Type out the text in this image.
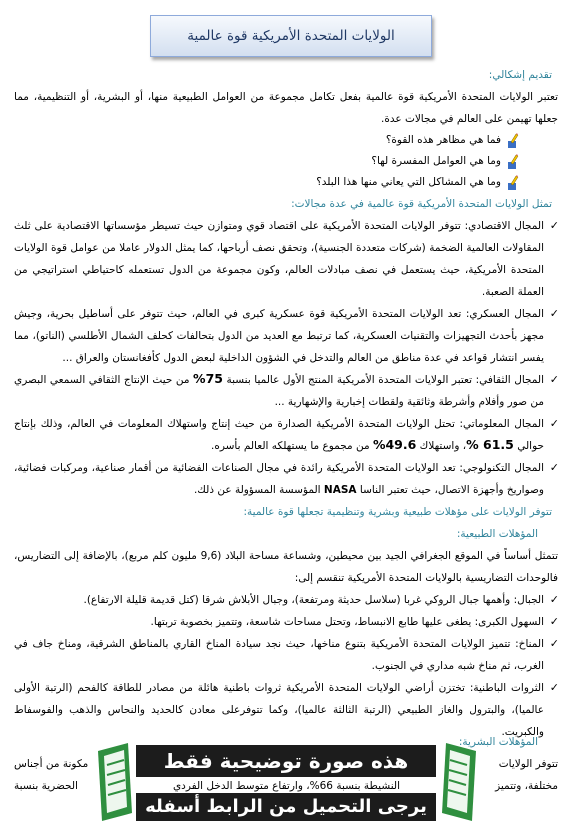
الولايات المتحدة الأمريكية قوة عالمية
تقديم إشكالي:

تعتبر الولايات المتحدة الأمريكية قوة عالمية بفعل تكامل مجموعة من العوامل الطبيعية منها، أو البشرية، أو التنظيمية، مما جعلها تهيمن على العالم في مجالات عدة.

فما هي مظاهر هذه القوة؟
وما هي العوامل المفسرة لها؟
وما هي المشاكل التي يعاني منها هذا البلد؟
تمثل الولايات المتحدة الأمريكية قوة عالمية في عدة مجالات:
✓
المجال الاقتصادي: تتوفر الولايات المتحدة الأمريكية على اقتصاد قوي ومتوازن حيث تسيطر مؤسساتها الاقتصادية على ثلث المقاولات العالمية الضخمة (شركات متعددة الجنسية)، وتحقق نصف أرباحها، كما يمثل الدولار عاملا من عوامل قوة الولايات المتحدة الأمريكية، حيث يستعمل في نصف مبادلات العالم، وكون مجموعة من الدول تستعمله كاحتياطي استراتيجي من العملة الصعبة.
✓
المجال العسكري: تعد الولايات المتحدة الأمريكية قوة عسكرية كبرى في العالم، حيث تتوفر على أساطيل بحرية، وجيش مجهز بأحدث التجهيزات والتقنيات العسكرية، كما ترتبط مع العديد من الدول بتحالفات كحلف الشمال الأطلسي (الناتو)، مما يفسر انتشار قواعد في عدة مناطق من العالم والتدخل في الشؤون الداخلية لبعض الدول كأفغانستان والعراق ...
✓
المجال الثقافي: تعتبر الولايات المتحدة الأمريكية المنتج الأول عالميا بنسبة 75% من حيث الإنتاج الثقافي السمعي البصري من صور وأفلام وأشرطة وثائقية ولقطات إخبارية والإشهارية ...
✓
المجال المعلوماتي: تحتل الولايات المتحدة الأمريكية الصدارة من حيث إنتاج واستهلاك المعلومات في العالم، وذلك بإنتاج حوالي 61.5 %، واستهلاك 49.6% من مجموع ما يستهلكه العالم بأسره.
✓
المجال التكنولوجي: تعد الولايات المتحدة الأمريكية رائدة في مجال الصناعات الفضائية من أقمار صناعية، ومركبات فضائية، وصواريخ وأجهزة الاتصال، حيث تعتبر الناسا NASA المؤسسة المسؤولة عن ذلك.
تتوفر الولايات على مؤهلات طبيعية وبشرية وتنظيمية تجعلها قوة عالمية:
المؤهلات الطبيعية:

تتمثل أساساً في الموقع الجغرافي الجيد بين محيطين، وشساعة مساحة البلاد (9,6 مليون كلم مربع)، بالإضافة إلى التضاريس، فالوحدات التضاريسية بالولايات المتحدة الأمريكية تنقسم إلى:

✓
الجبال: وأهمها جبال الروكي غربا (سلاسل حديثة ومرتفعة)، وجبال الأبلاش شرقا (كتل قديمة قليلة الارتفاع).
✓
السهول الكبرى: يطغى عليها طابع الانبساط، وتحتل مساحات شاسعة، وتتميز بخصوبة تربتها.
✓
المناخ: تتميز الولايات المتحدة الأمريكية بتنوع مناخها، حيث نجد سيادة المناخ القاري بالمناطق الشرقية، ومناخ جاف في الغرب، ثم مناخ شبه مداري في الجنوب.
✓
الثروات الباطنية: تختزن أراضي الولايات المتحدة الأمريكية ثروات باطنية هائلة من مصادر للطاقة كالفحم (الرتبة الأولى عالميا)، والبترول والغاز الطبيعي (الرتبة الثالثة عالميا)، وكما تتوفرعلى معادن كالحديد والنحاس والذهب والفوسفاط والكبريت.
المؤهلات البشرية:
تتوفر الولايات
مكونة من أجناس
مختلفة، وتتميز
النشيطة بنسبة 66%، وارتفاع متوسط الدخل الفردي
الحضرية بنسبة
هذه صورة توضيحية فقط
يرجى التحميل من الرابط أسفله
